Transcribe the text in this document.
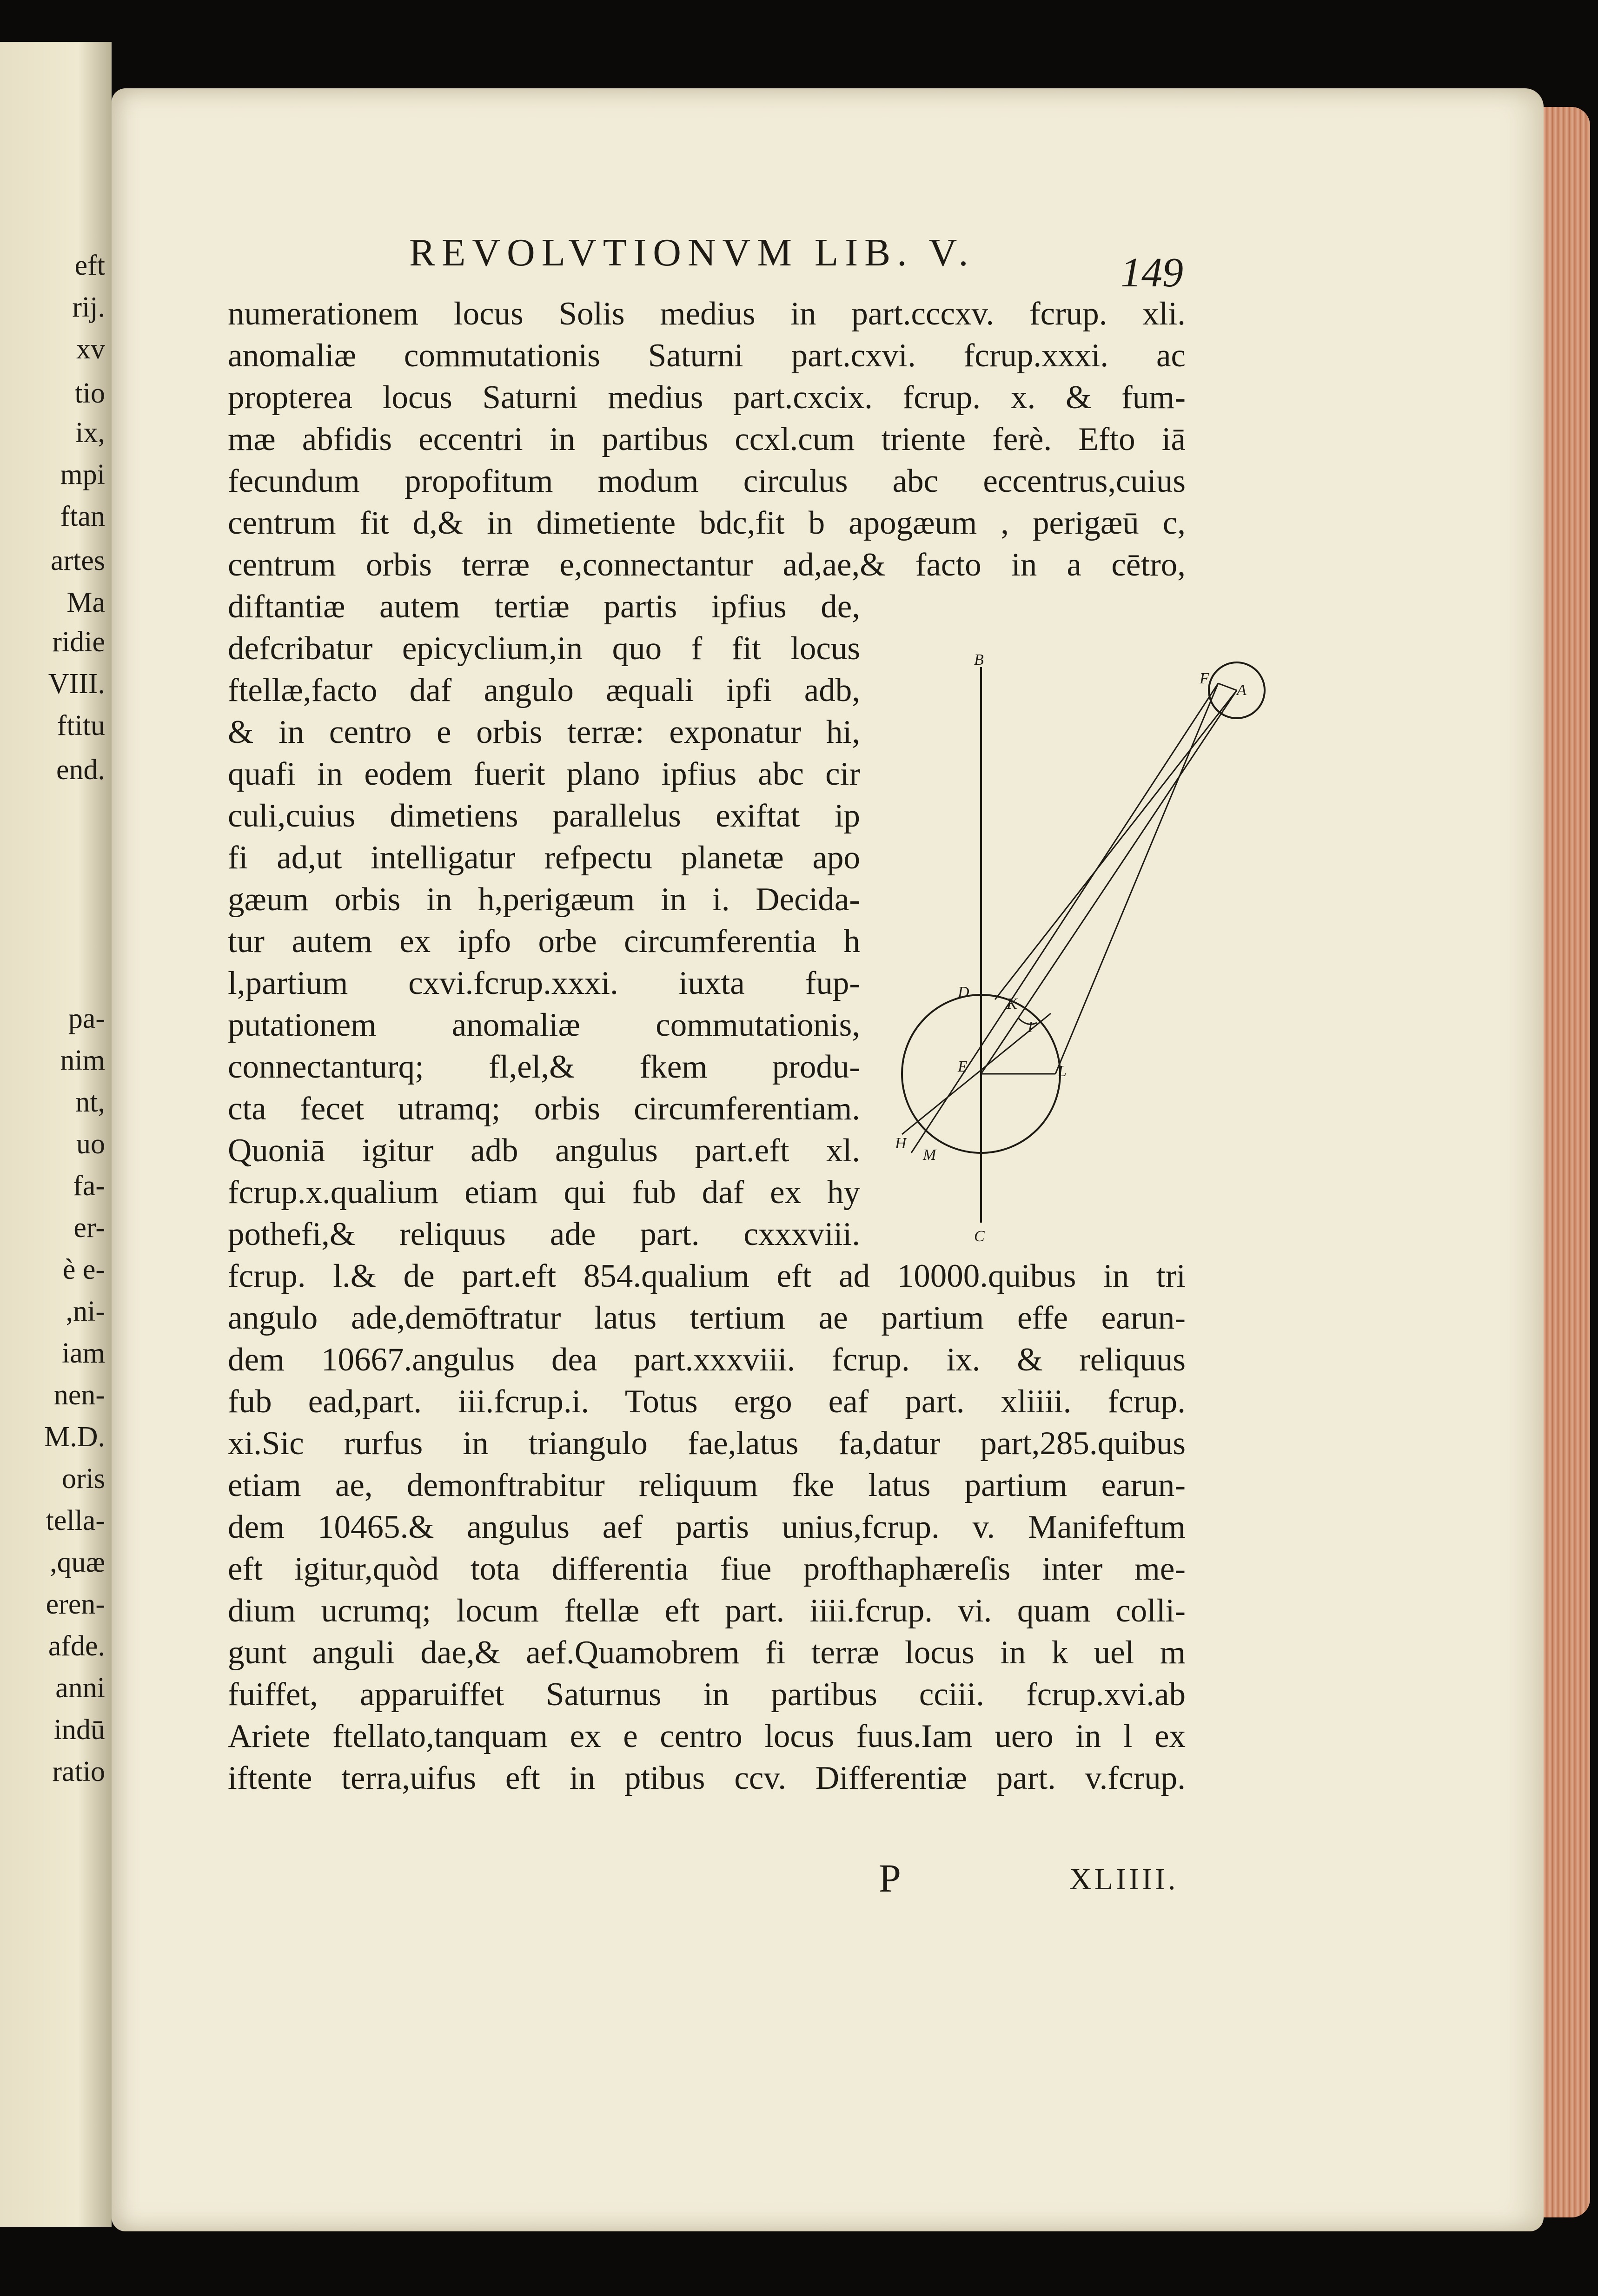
eft
rij.
xv
tio
ix,
mpi
ftan
artes
Ma
ridie
VIII.
ftitu
end.
pa-
nim
nt,
uo
fa-
er-
è e-
,ni-
iam
nen-
M.D.
oris
tella-
,quæ
eren-
afde.
anni
indū
ratio
REVOLVTIONVM LIB. V.	149
numerationem locus Solis medius in part.cccxv. fcrup. xli.
anomaliæ commutationis Saturni part.cxvi. fcrup.xxxi. ac
propterea locus Saturni medius part.cxcix. fcrup. x. & fum-
mæ abfidis eccentri in partibus ccxl.cum triente ferè. Efto iā
fecundum propofitum modum circulus abc eccentrus,cuius
centrum fit d,& in dimetiente bdc,fit b apogæum , perigæū c,
centrum orbis terræ e,connectantur ad,ae,& facto in a cētro,
diftantiæ autem tertiæ partis ipfius de,
defcribatur epicyclium,in quo f fit locus
ftellæ,facto daf angulo æquali ipfi adb,
& in centro e orbis terræ: exponatur hi,
quafi in eodem fuerit plano ipfius abc cir
culi,cuius dimetiens parallelus exiftat ip
fi ad,ut intelligatur refpectu planetæ apo
gæum orbis in h,perigæum in i. Decida-
tur autem ex ipfo orbe circumferentia h
l,partium cxvi.fcrup.xxxi. iuxta fup-
putationem anomaliæ commutationis,
connectanturq; fl,el,& fkem produ-
cta fecet utramq; orbis circumferentiam.
Quoniā igitur adb angulus part.eft xl.
fcrup.x.qualium etiam qui fub daf ex hy
pothefi,& reliquus ade part. cxxxviii.
fcrup. l.& de part.eft 854.qualium eft ad 10000.quibus in tri
angulo ade,demōftratur latus tertium ae partium effe earun-
dem 10667.angulus dea part.xxxviii. fcrup. ix. & reliquus
fub ead,part. iii.fcrup.i. Totus ergo eaf part. xliiii. fcrup.
xi.Sic rurfus in triangulo fae,latus fa,datur part,285.quibus
etiam ae, demonftrabitur reliquum fke latus partium earun-
dem 10465.& angulus aef partis unius,fcrup. v. Manifeftum
eft igitur,quòd tota differentia fiue profthaphæreſis inter me-
dium ucrumq; locum ftellæ eft part. iiii.fcrup. vi. quam colli-
gunt anguli dae,& aef.Quamobrem fi terræ locus in k uel m
fuiffet, apparuiffet Saturnus in partibus cciii. fcrup.xvi.ab
Ariete ftellato,tanquam ex e centro locus fuus.Iam uero in l ex
iftente terra,uifus eft in ptibus ccv. Differentiæ part. v.fcrup.
P	XLIIII.
B
F
A
D
K
I
E	L
H
M
C
